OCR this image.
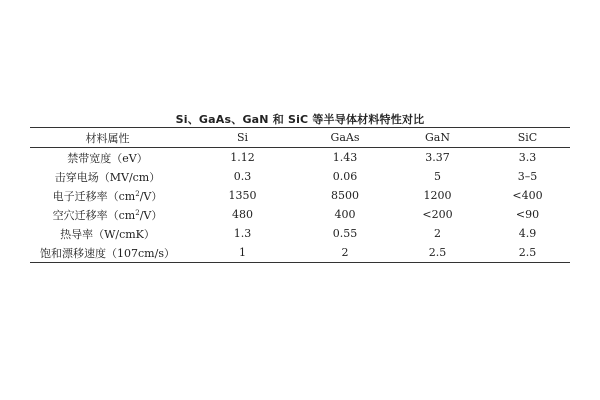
Si、GaAs、GaN 和 SiC 等半导体材料特性对比
材料属性	Si	GaAs	GaN	SiC
禁带宽度（eV）	1.12	1.43	3.37	3.3
击穿电场（MV/cm）	0.3	0.06	5	3–5
电子迁移率$(cm^2/V)$	1350	8500	1200	<400
空穴迁移率$(cm^2/V)$	480	400	<200	<90
热导率（W/cmK）	1.3	0.55	2	4.9
饱和漂移速度（107cm/s）	1	2	2.5	2.5
